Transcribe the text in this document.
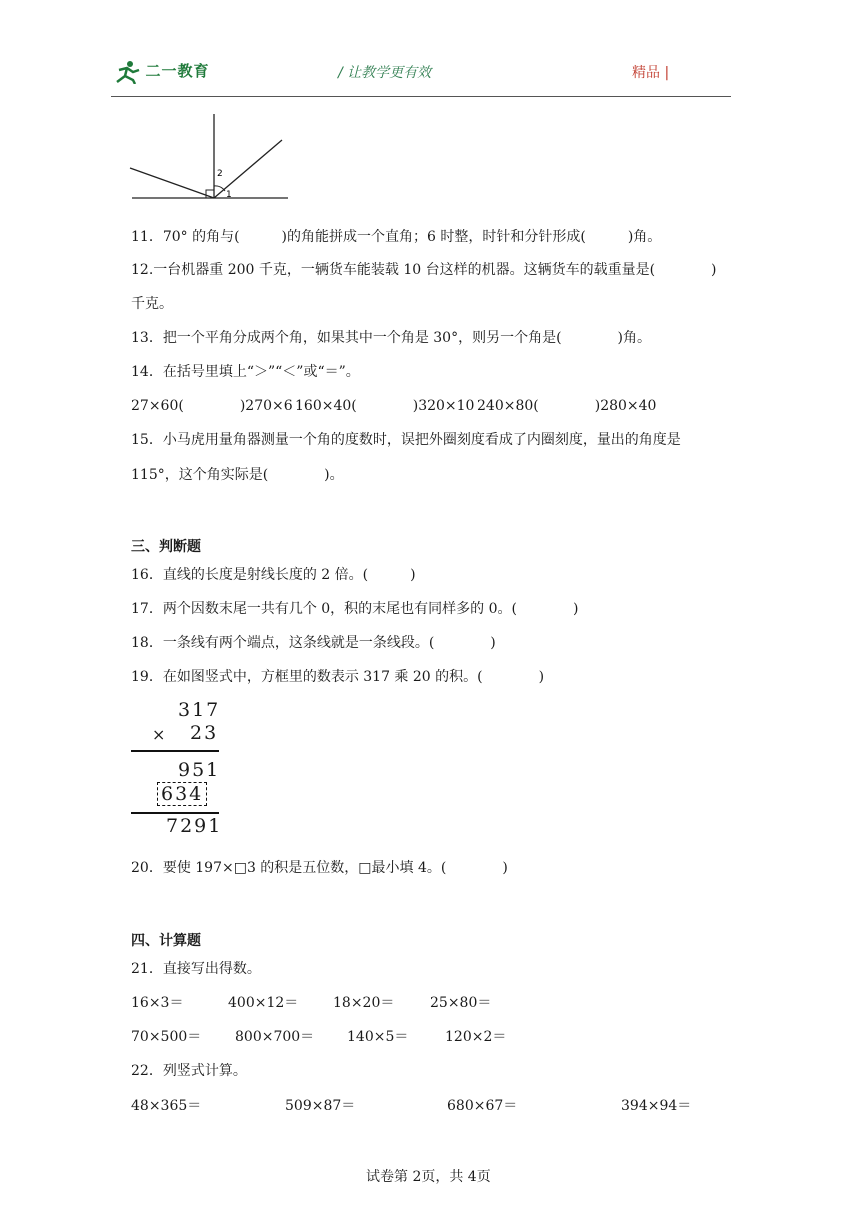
二一教育	/ 让教学更有效	精品 |
2
1
11．70° 的角与(　　　)的角能拼成一个直角；6 时整，时针和分针形成(　　　)角。
12.一台机器重 200 千克，一辆货车能装载 10 台这样的机器。这辆货车的载重量是(　　　　)
千克。
13．把一个平角分成两个角，如果其中一个角是 30°，则另一个角是(　　　　)角。
14．在括号里填上“＞”“＜”或“＝”。
27×60(　　　　)270×6 160×40(　　　　)320×10 240×80(　　　　)280×40
15．小马虎用量角器测量一个角的度数时，误把外圈刻度看成了内圈刻度，量出的角度是
115°，这个角实际是(　　　　)。
三、判断题
16．直线的长度是射线长度的 2 倍。(　　　)
17．两个因数末尾一共有几个 0，积的末尾也有同样多的 0。(　　　　)
18．一条线有两个端点，这条线就是一条线段。(　　　　)
19．在如图竖式中，方框里的数表示 317 乘 20 的积。(　　　　)
317
× 23
951
634
7291
20．要使 197×□3 的积是五位数，□最小填 4。(　　　　)
四、计算题
21．直接写出得数。
16×3＝	400×12＝ 18×20＝	25×80＝
70×500＝ 800×700＝ 140×5＝	120×2＝
22．列竖式计算。
48×365＝	509×87＝	680×67＝	394×94＝
试卷第 2页，共 4页
